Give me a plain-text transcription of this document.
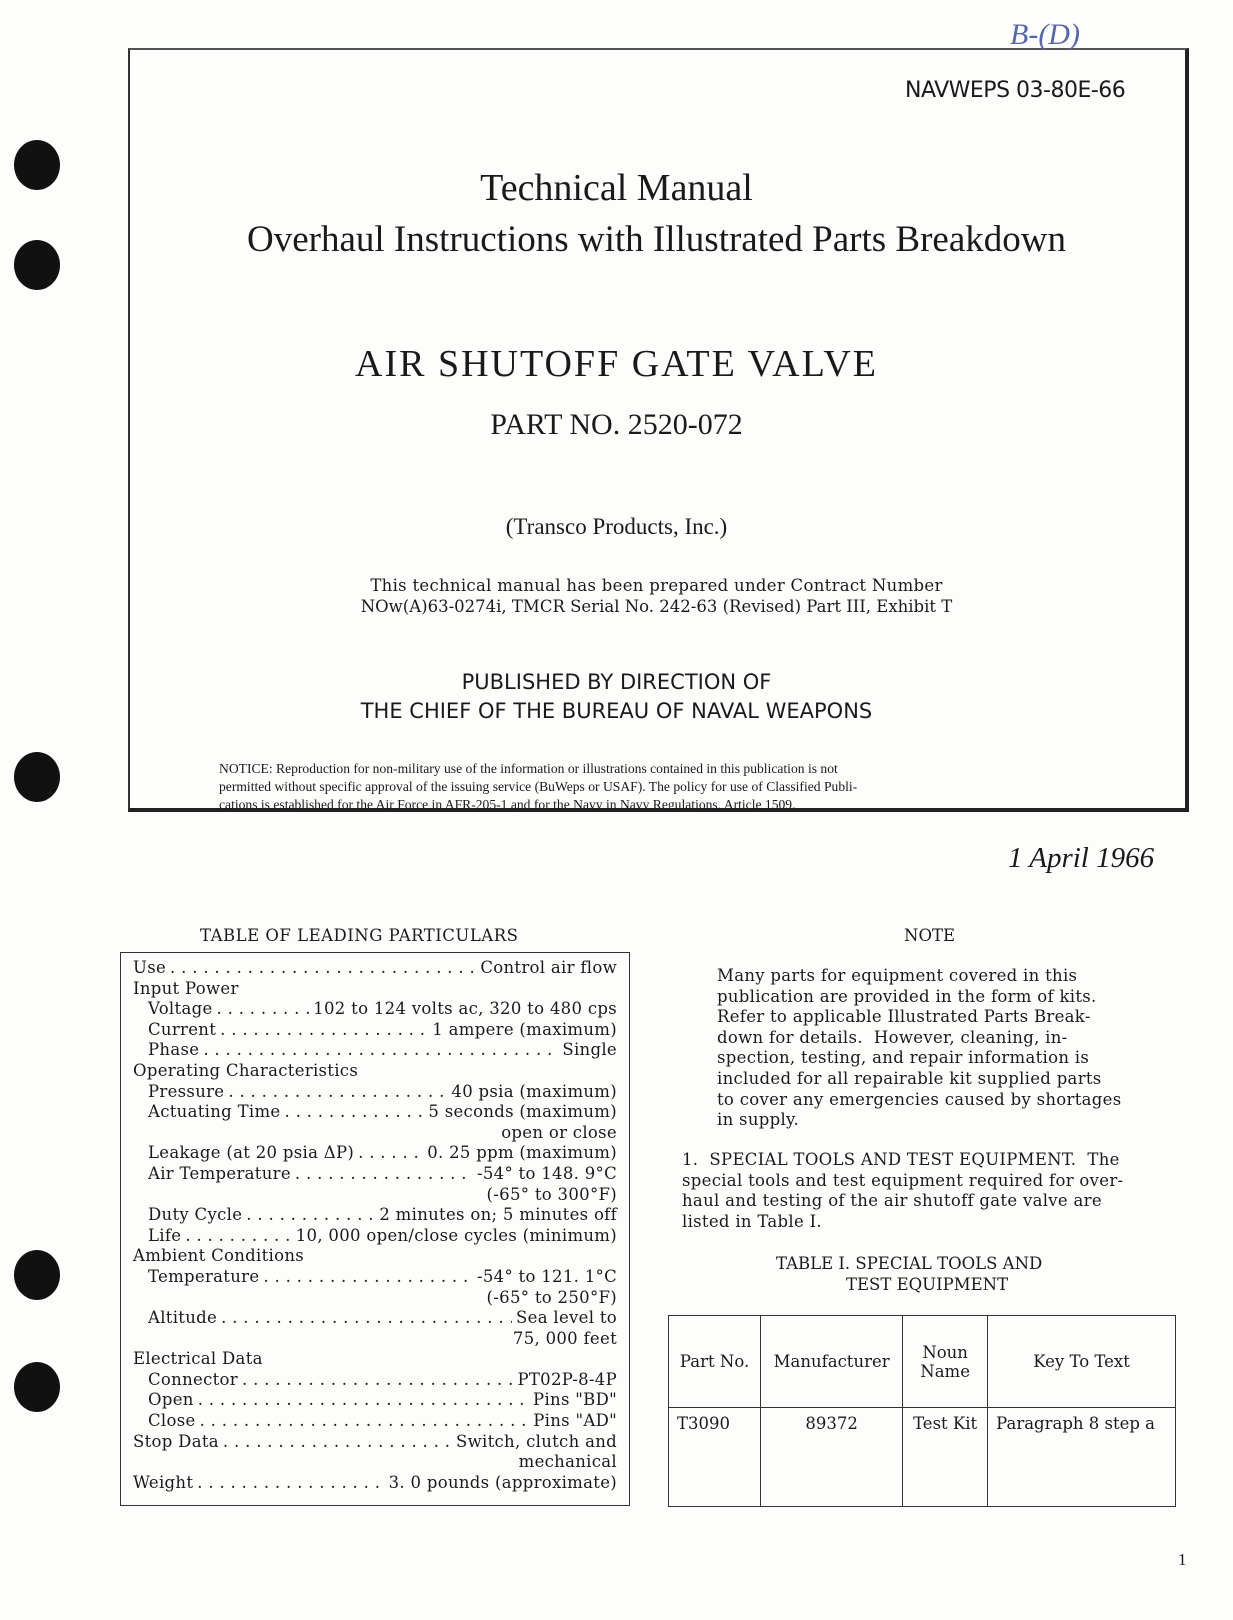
B-(D)
NAVWEPS 03-80E-66
Technical Manual
Overhaul Instructions with Illustrated Parts Breakdown
AIR SHUTOFF GATE VALVE
PART NO. 2520-072
(Transco Products, Inc.)
This technical manual has been prepared under Contract Number
NOw(A)63-0274i, TMCR Serial No. 242-63 (Revised) Part III, Exhibit T
PUBLISHED BY DIRECTION OF
THE CHIEF OF THE BUREAU OF NAVAL WEAPONS
NOTICE: Reproduction for non-military use of the information or illustrations contained in this publication is not
permitted without specific approval of the issuing service (BuWeps or USAF). The policy for use of Classified Publi-
cations is established for the Air Force in AFR-205-1 and for the Navy in Navy Regulations, Article 1509.
1 April 1966
TABLE OF LEADING PARTICULARS
Use . . .	Control air flow
Input Power
Voltage . . .	102 to 124 volts ac, 320 to 480 cps
Current . . .	1 ampere (maximum)
Phase . . .	Single
Operating Characteristics
Pressure . . .	40 psia (maximum)
Actuating Time . . .	5 seconds (maximum)
open or close
Leakage (at 20 psia ΔP) . . .	0. 25 ppm (maximum)
Air Temperature . . .	-54° to 148. 9°C
(-65° to 300°F)
Duty Cycle . . .	2 minutes on; 5 minutes off
Life . . .	10, 000 open/close cycles (minimum)
Ambient Conditions
Temperature . . .	-54° to 121. 1°C
(-65° to 250°F)
Altitude . . .	Sea level to
75, 000 feet
Electrical Data
Connector . . .	PT02P-8-4P
Open . . .	Pins "BD"
Close . . .	Pins "AD"
Stop Data . . .	Switch, clutch and
mechanical
Weight . . .	3. 0 pounds (approximate)
NOTE
Many parts for equipment covered in this
publication are provided in the form of kits.
Refer to applicable Illustrated Parts Break-
down for details.  However, cleaning, in-
spection, testing, and repair information is
included for all repairable kit supplied parts
to cover any emergencies caused by shortages
in supply.
1.  SPECIAL TOOLS AND TEST EQUIPMENT.  The
special tools and test equipment required for over-
haul and testing of the air shutoff gate valve are
listed in Table I.
TABLE I. SPECIAL TOOLS AND
TEST EQUIPMENT
Part No.	Manufacturer	Noun Name	Key To Text
T3090	89372	Test Kit	Paragraph 8 step a
1
